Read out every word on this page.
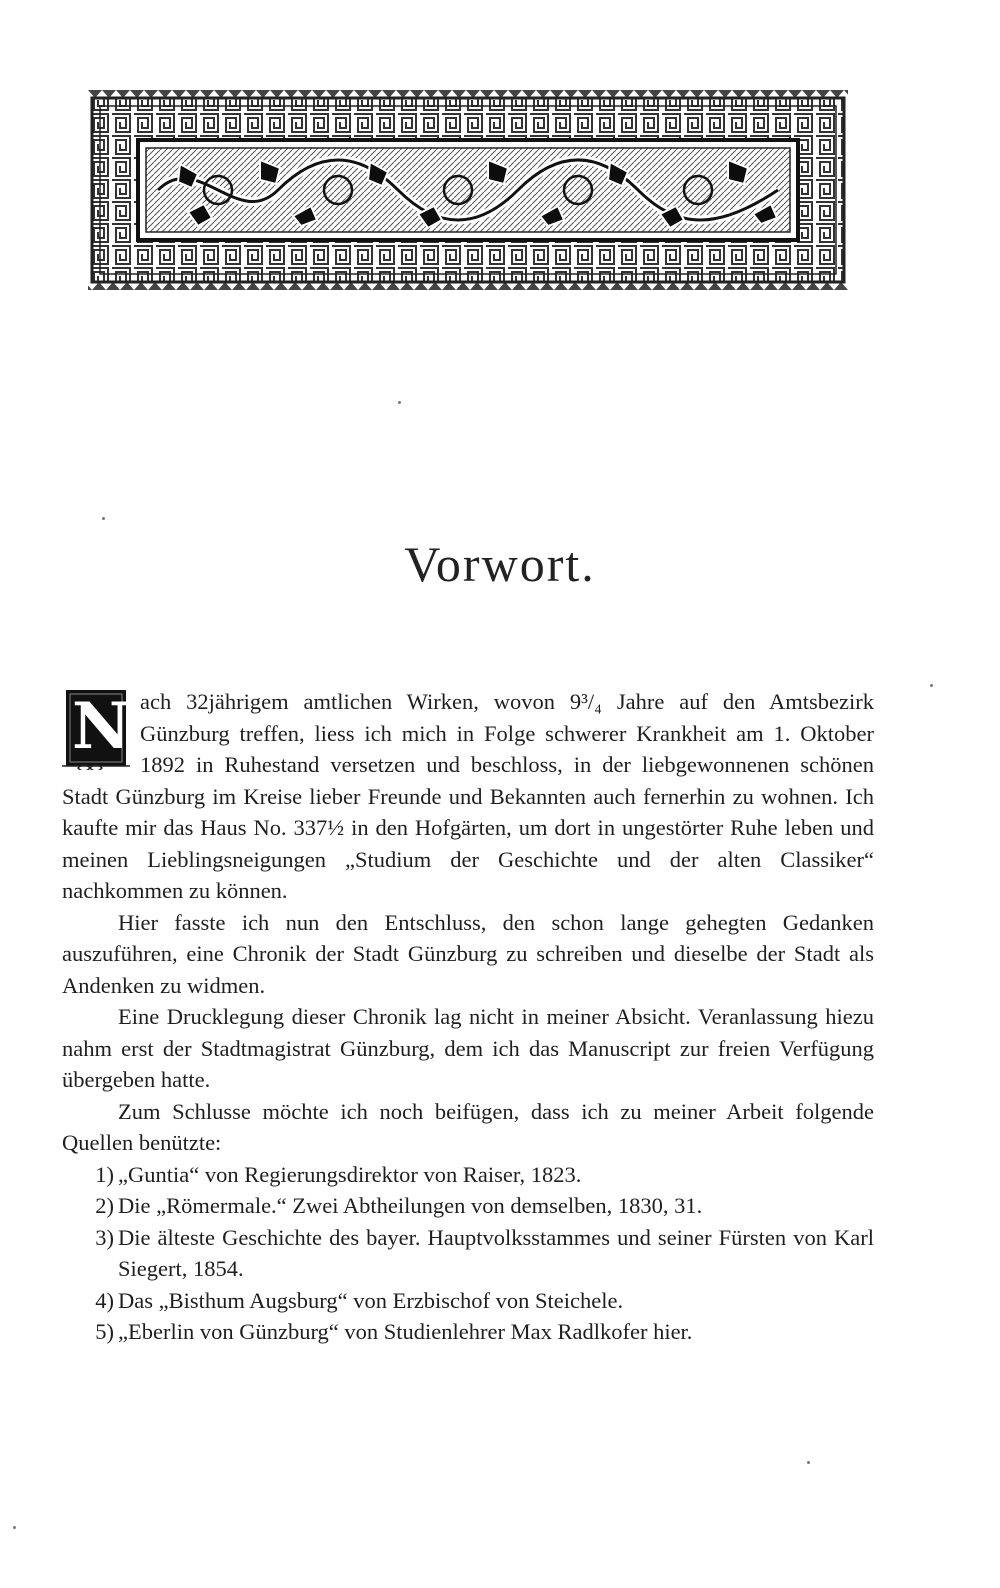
Vorwort.

N ach 32jährigem amtlichen Wirken, wovon 9³/₄ Jahre auf den Amtsbezirk Günzburg treffen, liess ich mich in Folge schwerer Krankheit am 1. Oktober 1892 in Ruhestand versetzen und beschloss, in der liebgewonnenen schönen Stadt Günzburg im Kreise lieber Freunde und Bekannten auch fernerhin zu wohnen. Ich kaufte mir das Haus No. 337½ in den Hofgärten, um dort in ungestörter Ruhe leben und meinen Lieblingsneigungen „Studium der Geschichte und der alten Classiker“ nachkommen zu können.

Hier fasste ich nun den Entschluss, den schon lange gehegten Gedanken auszuführen, eine Chronik der Stadt Günzburg zu schreiben und dieselbe der Stadt als Andenken zu widmen.

Eine Drucklegung dieser Chronik lag nicht in meiner Absicht. Veranlassung hiezu nahm erst der Stadtmagistrat Günzburg, dem ich das Manuscript zur freien Verfügung übergeben hatte.

Zum Schlusse möchte ich noch beifügen, dass ich zu meiner Arbeit folgende Quellen benützte:

1) „Guntia“ von Regierungsdirektor von Raiser, 1823.
2) Die „Römermale.“ Zwei Abtheilungen von demselben, 1830, 31.
3) Die älteste Geschichte des bayer. Hauptvolksstammes und seiner Fürsten von Karl Siegert, 1854.
4) Das „Bisthum Augsburg“ von Erzbischof von Steichele.
5) „Eberlin von Günzburg“ von Studienlehrer Max Radlkofer hier.
